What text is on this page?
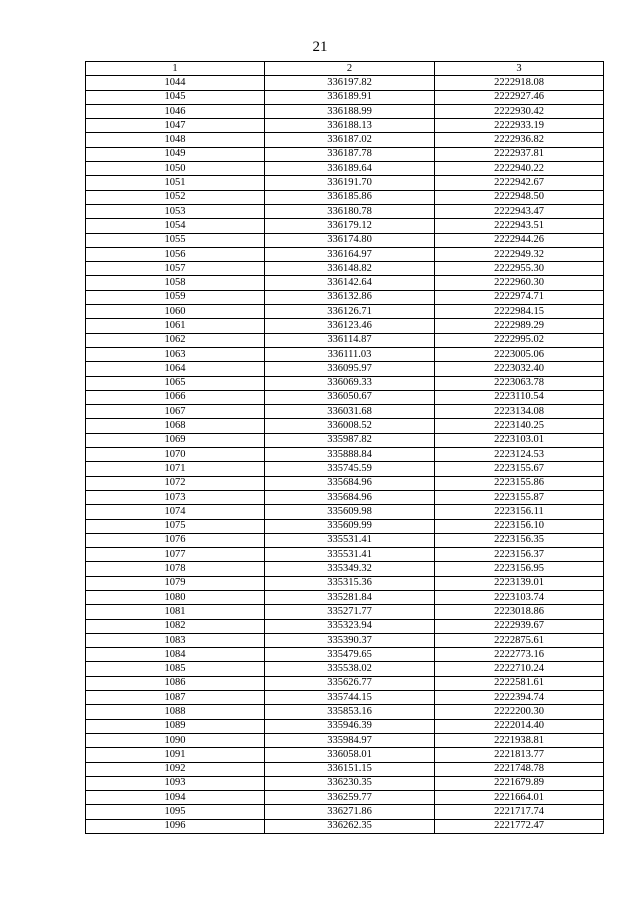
21
1	2	3
1044	336197.82	2222918.08
1045	336189.91	2222927.46
1046	336188.99	2222930.42
1047	336188.13	2222933.19
1048	336187.02	2222936.82
1049	336187.78	2222937.81
1050	336189.64	2222940.22
1051	336191.70	2222942.67
1052	336185.86	2222948.50
1053	336180.78	2222943.47
1054	336179.12	2222943.51
1055	336174.80	2222944.26
1056	336164.97	2222949.32
1057	336148.82	2222955.30
1058	336142.64	2222960.30
1059	336132.86	2222974.71
1060	336126.71	2222984.15
1061	336123.46	2222989.29
1062	336114.87	2222995.02
1063	336111.03	2223005.06
1064	336095.97	2223032.40
1065	336069.33	2223063.78
1066	336050.67	2223110.54
1067	336031.68	2223134.08
1068	336008.52	2223140.25
1069	335987.82	2223103.01
1070	335888.84	2223124.53
1071	335745.59	2223155.67
1072	335684.96	2223155.86
1073	335684.96	2223155.87
1074	335609.98	2223156.11
1075	335609.99	2223156.10
1076	335531.41	2223156.35
1077	335531.41	2223156.37
1078	335349.32	2223156.95
1079	335315.36	2223139.01
1080	335281.84	2223103.74
1081	335271.77	2223018.86
1082	335323.94	2222939.67
1083	335390.37	2222875.61
1084	335479.65	2222773.16
1085	335538.02	2222710.24
1086	335626.77	2222581.61
1087	335744.15	2222394.74
1088	335853.16	2222200.30
1089	335946.39	2222014.40
1090	335984.97	2221938.81
1091	336058.01	2221813.77
1092	336151.15	2221748.78
1093	336230.35	2221679.89
1094	336259.77	2221664.01
1095	336271.86	2221717.74
1096	336262.35	2221772.47
